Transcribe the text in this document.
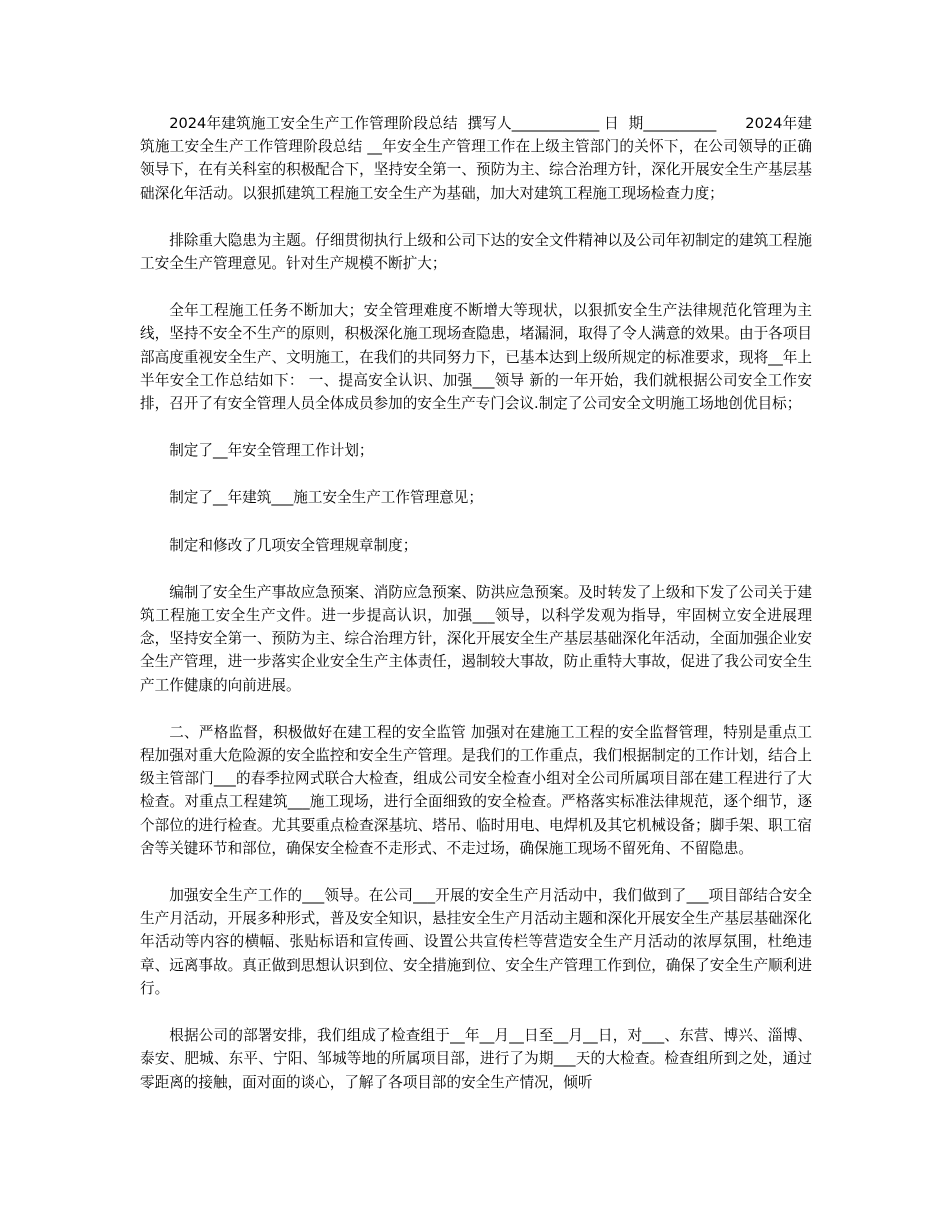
2024年建筑施工安全生产工作管理阶段总结  撰写人____________ 日  期__________      2024年建筑施工安全生产工作管理阶段总结 __年安全生产管理工作在上级主管部门的关怀下，在公司领导的正确领导下，在有关科室的积极配合下，坚持安全第一、预防为主、综合治理方针，深化开展安全生产基层基础深化年活动。以狠抓建筑工程施工安全生产为基础，加大对建筑工程施工现场检查力度；

排除重大隐患为主题。仔细贯彻执行上级和公司下达的安全文件精神以及公司年初制定的建筑工程施工安全生产管理意见。针对生产规模不断扩大；

全年工程施工任务不断加大；安全管理难度不断增大等现状，以狠抓安全生产法律规范化管理为主线，坚持不安全不生产的原则，积极深化施工现场查隐患，堵漏洞，取得了令人满意的效果。由于各项目部高度重视安全生产、文明施工，在我们的共同努力下，已基本达到上级所规定的标准要求，现将__年上半年安全工作总结如下： 一、提高安全认识、加强___领导 新的一年开始，我们就根据公司安全工作安排，召开了有安全管理人员全体成员参加的安全生产专门会议.制定了公司安全文明施工场地创优目标；

制定了__年安全管理工作计划；

制定了__年建筑___施工安全生产工作管理意见；

制定和修改了几项安全管理规章制度；

编制了安全生产事故应急预案、消防应急预案、防洪应急预案。及时转发了上级和下发了公司关于建筑工程施工安全生产文件。进一步提高认识，加强___领导，以科学发观为指导，牢固树立安全进展理念，坚持安全第一、预防为主、综合治理方针，深化开展安全生产基层基础深化年活动，全面加强企业安全生产管理，进一步落实企业安全生产主体责任，遏制较大事故，防止重特大事故，促进了我公司安全生产工作健康的向前进展。

二、严格监督，积极做好在建工程的安全监管 加强对在建施工工程的安全监督管理，特别是重点工程加强对重大危险源的安全监控和安全生产管理。是我们的工作重点，我们根据制定的工作计划，结合上级主管部门___的春季拉网式联合大检查，组成公司安全检查小组对全公司所属项目部在建工程进行了大检查。对重点工程建筑___施工现场，进行全面细致的安全检查。严格落实标准法律规范，逐个细节，逐个部位的进行检查。尤其要重点检查深基坑、塔吊、临时用电、电焊机及其它机械设备；脚手架、职工宿舍等关键环节和部位，确保安全检查不走形式、不走过场，确保施工现场不留死角、不留隐患。

加强安全生产工作的___领导。在公司___开展的安全生产月活动中，我们做到了___项目部结合安全生产月活动，开展多种形式，普及安全知识，悬挂安全生产月活动主题和深化开展安全生产基层基础深化年活动等内容的横幅、张贴标语和宣传画、设置公共宣传栏等营造安全生产月活动的浓厚氛围，杜绝违章、远离事故。真正做到思想认识到位、安全措施到位、安全生产管理工作到位，确保了安全生产顺利进行。

根据公司的部署安排，我们组成了检查组于__年__月__日至__月__日，对___、东营、博兴、淄博、泰安、肥城、东平、宁阳、邹城等地的所属项目部，进行了为期___天的大检查。检查组所到之处，通过零距离的接触，面对面的谈心，了解了各项目部的安全生产情况，倾听
